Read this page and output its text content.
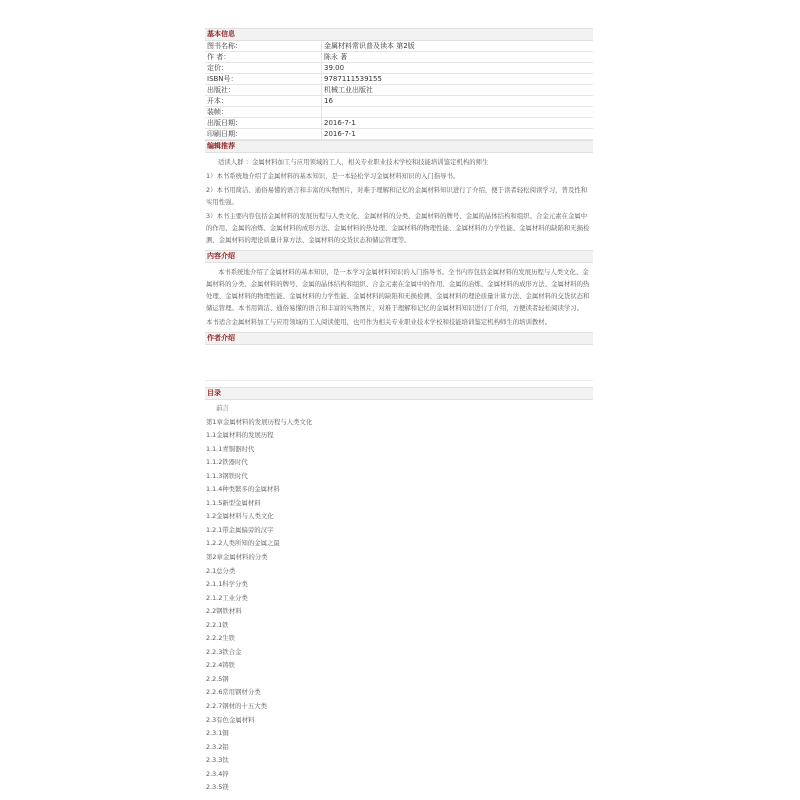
基本信息
图书名称：	金属材料常识普及读本 第2版
作 者：	陈永 著
定价：	39.00
ISBN号：	9787111539155
出版社：	机械工业出版社
开本：	16
装帧：	
出版日期：	2016-7-1
印刷日期：	2016-7-1
编辑推荐

适读人群 ：金属材料加工与应用领域的工人，相关专业职业技术学校和技能培训鉴定机构的师生

1）本书系统地介绍了金属材料的基本知识，是一本轻松学习金属材料知识的入门指导书。

2）本书用简洁、通俗易懂的语言和丰富的实物图片，对难于理解和记忆的金属材料知识进行了介绍，便于读者轻松阅读学习，普及性和实用性强。

3）本书主要内容包括金属材料的发展历程与人类文化、金属材料的分类、金属材料的牌号、金属的晶体结构和组织、合金元素在金属中的作用、金属的冶炼、金属材料的成形方法、金属材料的热处理、金属材料的物理性能、金属材料的力学性能、金属材料的缺陷和无损检测、金属材料的理论质量计算方法、金属材料的交货状态和储运管理等。

内容介绍

本书系统地介绍了金属材料的基本知识，是一本学习金属材料知识的入门指导书。全书内容包括金属材料的发展历程与人类文化、金属材料的分类、金属材料的牌号、金属的晶体结构和组织、合金元素在金属中的作用、金属的冶炼、金属材料的成形方法、金属材料的热处理、金属材料的物理性能、金属材料的力学性能、金属材料的缺陷和无损检测、金属材料的理论质量计算方法、金属材料的交货状态和储运管理。本书用简洁、通俗易懂的语言和丰富的实物图片，对难于理解和记忆的金属材料知识进行了介绍，方便读者轻松阅读学习。

本书适合金属材料加工与应用领域的工人阅读使用，也可作为相关专业职业技术学校和技能培训鉴定机构师生的培训教材。

作者介绍
目录
前言
第1章金属材料的发展历程与人类文化
1.1金属材料的发展历程
1.1.1青铜器时代
1.1.2铁器时代
1.1.3钢铁时代
1.1.4种类繁多的金属材料
1.1.5新型金属材料
1.2金属材料与人类文化
1.2.1带金属偏旁的汉字
1.2.2人类所知的金属之最
第2章金属材料的分类
2.1总分类
2.1.1科学分类
2.1.2工业分类
2.2钢铁材料
2.2.1铁
2.2.2生铁
2.2.3铁合金
2.2.4铸铁
2.2.5钢
2.2.6常用钢材分类
2.2.7钢材的十五大类
2.3有色金属材料
2.3.1铜
2.3.2铝
2.3.3钛
2.3.4锌
2.3.5镁
